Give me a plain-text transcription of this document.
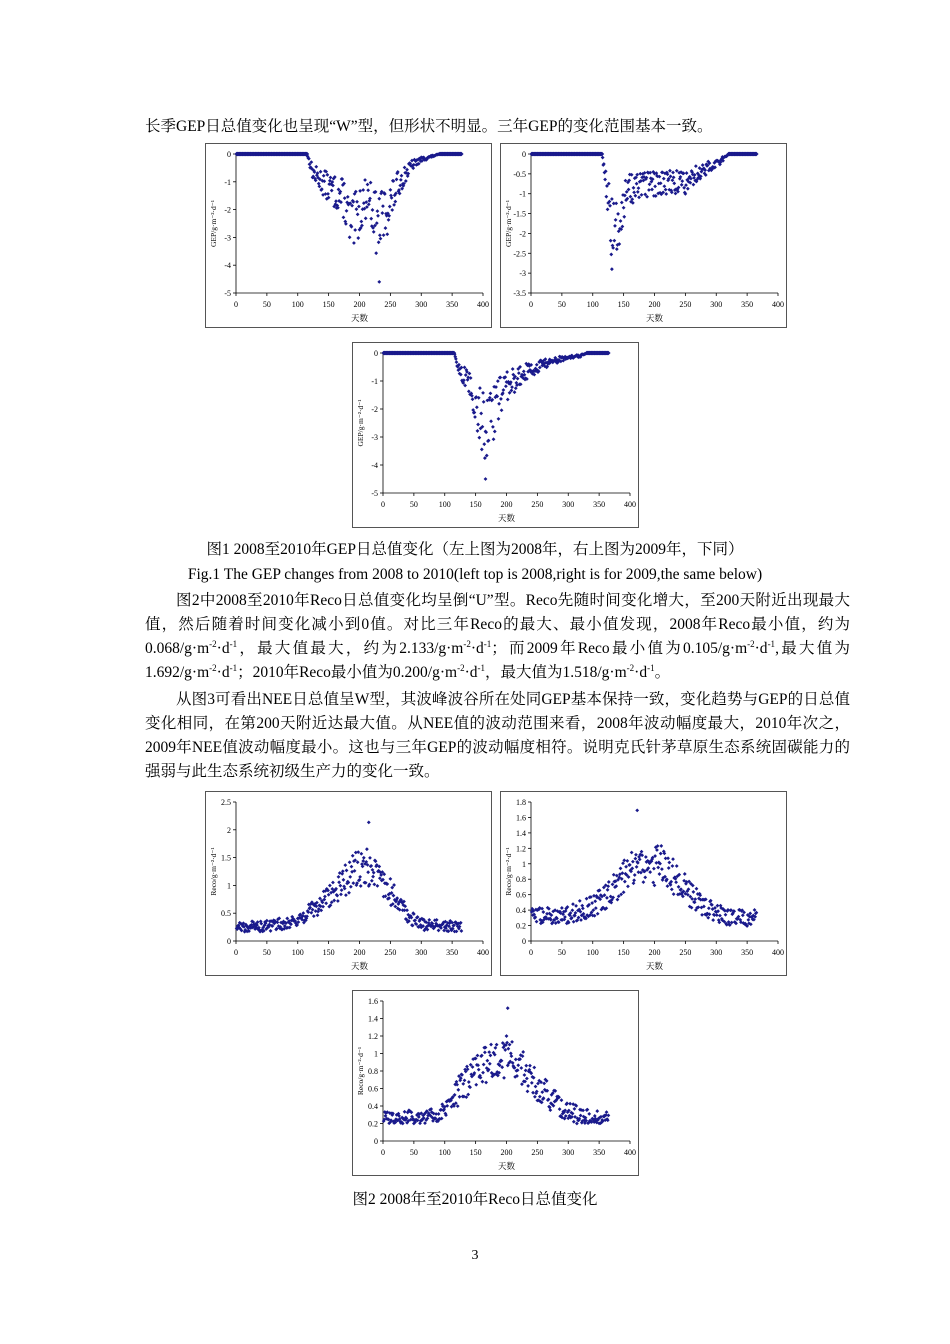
长季GEP日总值变化也呈现“W”型，但形状不明显。三年GEP的变化范围基本一致。
0
-1
-2
-3
-4
-5
0	50	100 150 200 250 300 350 400
天数
GEP/g·m⁻²·d⁻¹
0
-0.5
-1
-1.5
-2
-2.5
-3
-3.5
0	50	100 150 200 250 300 350 400
天数
GEP/g·m⁻²·d⁻¹
0
-1
-2
-3
-4
-5
0	50	100 150 200 250 300 350 400
天数
GEP/g·m⁻²·d⁻¹
图1 2008至2010年GEP日总值变化（左上图为2008年，右上图为2009年，下同）
Fig.1 The GEP changes from 2008 to 2010(left top is 2008,right is for 2009,the same below)
图2中2008至2010年Reco日总值变化均呈倒“U”型。Reco先随时间变化增大，至200天附近出现最大值，然后随着时间变化减小到0值。对比三年Reco的最大、最小值发现，2008年Reco最小值，约为$0.068/g\cdot m^{-2}\cdot d^{-1}$，最大值最大，约为$2.133/g\cdot m^{-2}\cdot d^{-1}$；而2009年Reco最小值为$0.105/g\cdot m^{-2}\cdot d^{-1}$,最大值为$1.692/g\cdot m^{-2}\cdot d^{-1}$；2010年Reco最小值为$0.200/g\cdot m^{-2}\cdot d^{-1}$，最大值为$1.518/g\cdot m^{-2}\cdot d^{-1}$。
从图3可看出NEE日总值呈W型，其波峰波谷所在处同GEP基本保持一致，变化趋势与GEP的日总值变化相同，在第200天附近达最大值。从NEE值的波动范围来看，2008年波动幅度最大，2010年次之，2009年NEE值波动幅度最小。这也与三年GEP的波动幅度相符。说明克氏针茅草原生态系统固碳能力的强弱与此生态系统初级生产力的变化一致。
0
0.5
1
1.5
2
2.5
0	50	100 150 200 250 300 350 400
天数
Reco/g·m⁻²·d⁻¹
0
0.2
0.4
0.6
0.8
1
1.2
1.4
1.6
1.8
0	50	100 150 200 250 300 350 400
天数
Reco/g·m⁻²·d⁻¹
0
0.2
0.4
0.6
0.8
1
1.2
1.4
1.6
0	50	100 150 200 250 300 350 400
天数
Reco/g·m⁻²·d⁻¹
图2 2008年至2010年Reco日总值变化
3
